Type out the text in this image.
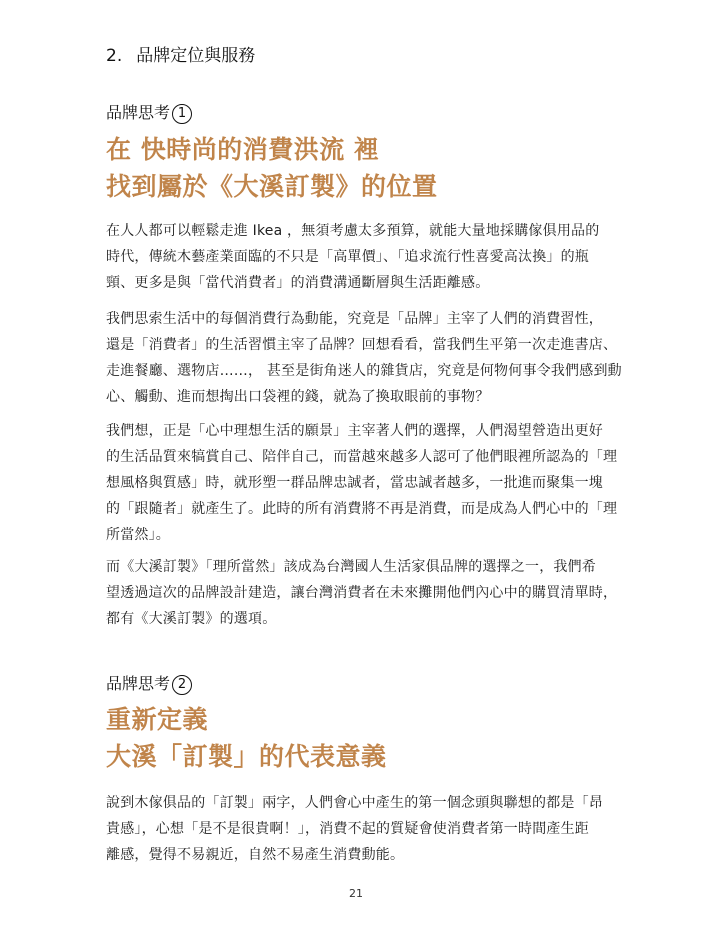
2. 品牌定位與服務
品牌思考 1
在 快時尚的消費洪流 裡
找到屬於《大溪訂製》的位置
在人人都可以輕鬆走進 Ikea ，無須考慮太多預算，就能大量地採購傢俱用品的
時代，傳統木藝產業面臨的不只是「高單價」、「追求流行性喜愛高汰換」的瓶
頸、更多是與「當代消費者」的消費溝通斷層與生活距離感。
我們思索生活中的每個消費行為動能，究竟是「品牌」主宰了人們的消費習性，
還是「消費者」的生活習慣主宰了品牌？回想看看，當我們生平第一次走進書店、
走進餐廳、選物店……， 甚至是街角迷人的雜貨店，究竟是何物何事令我們感到動
心、觸動、進而想掏出口袋裡的錢，就為了換取眼前的事物？
我們想，正是「心中理想生活的願景」主宰著人們的選擇，人們渴望營造出更好
的生活品質來犒賞自己、陪伴自己，而當越來越多人認可了他們眼裡所認為的「理
想風格與質感」時，就形塑一群品牌忠誠者，當忠誠者越多，一批進而聚集一塊
的「跟隨者」就產生了。此時的所有消費將不再是消費，而是成為人們心中的「理
所當然」。
而《大溪訂製》「理所當然」該成為台灣國人生活家俱品牌的選擇之一，我們希
望透過這次的品牌設計建造，讓台灣消費者在未來攤開他們內心中的購買清單時，
都有《大溪訂製》的選項。
品牌思考 2
重新定義
大溪「訂製」的代表意義
說到木傢俱品的「訂製」兩字，人們會心中產生的第一個念頭與聯想的都是「昂
貴感」，心想「是不是很貴啊！」，消費不起的質疑會使消費者第一時間產生距
離感，覺得不易親近，自然不易產生消費動能。
21
